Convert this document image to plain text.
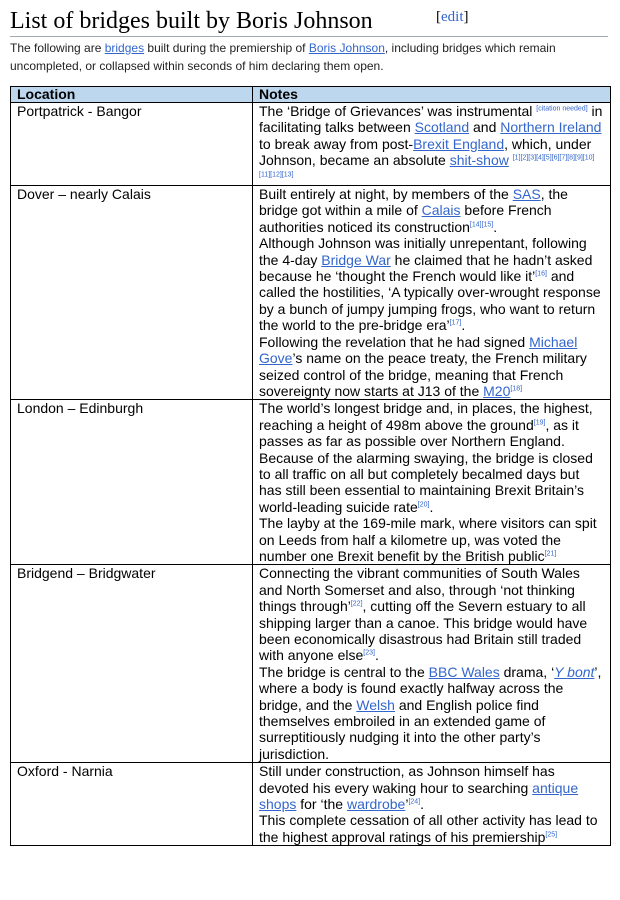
List of bridges built by Boris Johnson	[edit]
The following are bridges built during the premiership of Boris Johnson, including bridges which remain uncompleted, or collapsed within seconds of him declaring them open.
Location	Notes
Portpatrick - Bangor	The ‘Bridge of Grievances’ was instrumental [citation needed] in facilitating talks between Scotland and Northern Ireland to break away from post-Brexit England, which, under Johnson, became an absolute shit-show [1][2][3][4][5][6][7][8][9][10][11][12][13]

Dover – nearly Calais	Built entirely at night, by members of the SAS, the bridge got within a mile of Calais before French authorities noticed its construction[14][15].
Although Johnson was initially unrepentant, following the 4-day Bridge War he claimed that he hadn’t asked because he ‘thought the French would like it’[16] and called the hostilities, ‘A typically over-wrought response by a bunch of jumpy jumping frogs, who want to return the world to the pre-bridge era’[17].
Following the revelation that he had signed Michael Gove’s name on the peace treaty, the French military seized control of the bridge, meaning that French sovereignty now starts at J13 of the M20[18]

London – Edinburgh	The world’s longest bridge and, in places, the highest, reaching a height of 498m above the ground[19], as it passes as far as possible over Northern England.
Because of the alarming swaying, the bridge is closed to all traffic on all but completely becalmed days but has still been essential to maintaining Brexit Britain’s world-leading suicide rate[20].
The layby at the 169-mile mark, where visitors can spit on Leeds from half a kilometre up, was voted the number one Brexit benefit by the British public[21]

Bridgend – Bridgwater	Connecting the vibrant communities of South Wales and North Somerset and also, through ‘not thinking things through’[22], cutting off the Severn estuary to all shipping larger than a canoe. This bridge would have been economically disastrous had Britain still traded with anyone else[23].
The bridge is central to the BBC Wales drama, ‘Y bont’, where a body is found exactly halfway across the bridge, and the Welsh and English police find themselves embroiled in an extended game of surreptitiously nudging it into the other party’s jurisdiction.

Oxford - Narnia	Still under construction, as Johnson himself has devoted his every waking hour to searching antique shops for ‘the wardrobe’[24].
This complete cessation of all other activity has lead to the highest approval ratings of his premiership[25]
